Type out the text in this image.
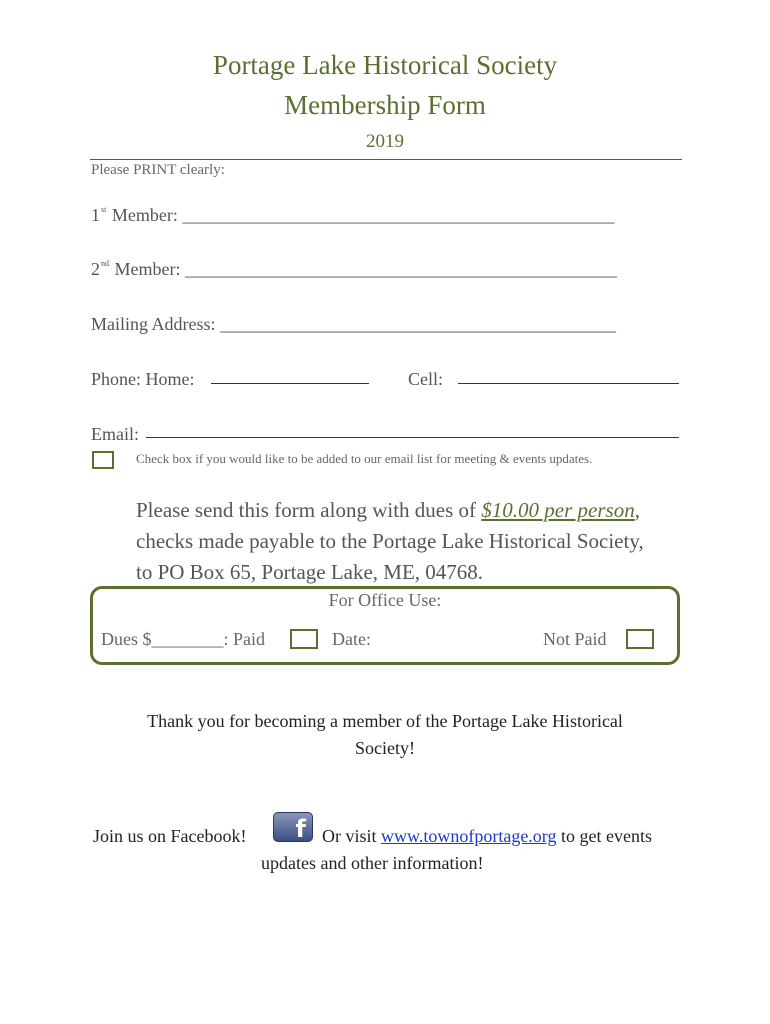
Portage Lake Historical Society
Membership Form
2019
Please PRINT clearly:
1st Member: ________________________________________________
2nd Member: ________________________________________________
Mailing Address: ____________________________________________
Phone: Home:	Cell:
Email:
Check box if you would like to be added to our email list for meeting & events updates.
Please send this form along with dues of $10.00 per person,
checks made payable to the Portage Lake Historical Society,
to PO Box 65, Portage Lake, ME, 04768.
For Office Use:
Dues $________: Paid	Date:	Not Paid
Thank you for becoming a member of the Portage Lake Historical
Society!
Join us on Facebook!	f Or visit www.townofportage.org to get events
updates and other information!
